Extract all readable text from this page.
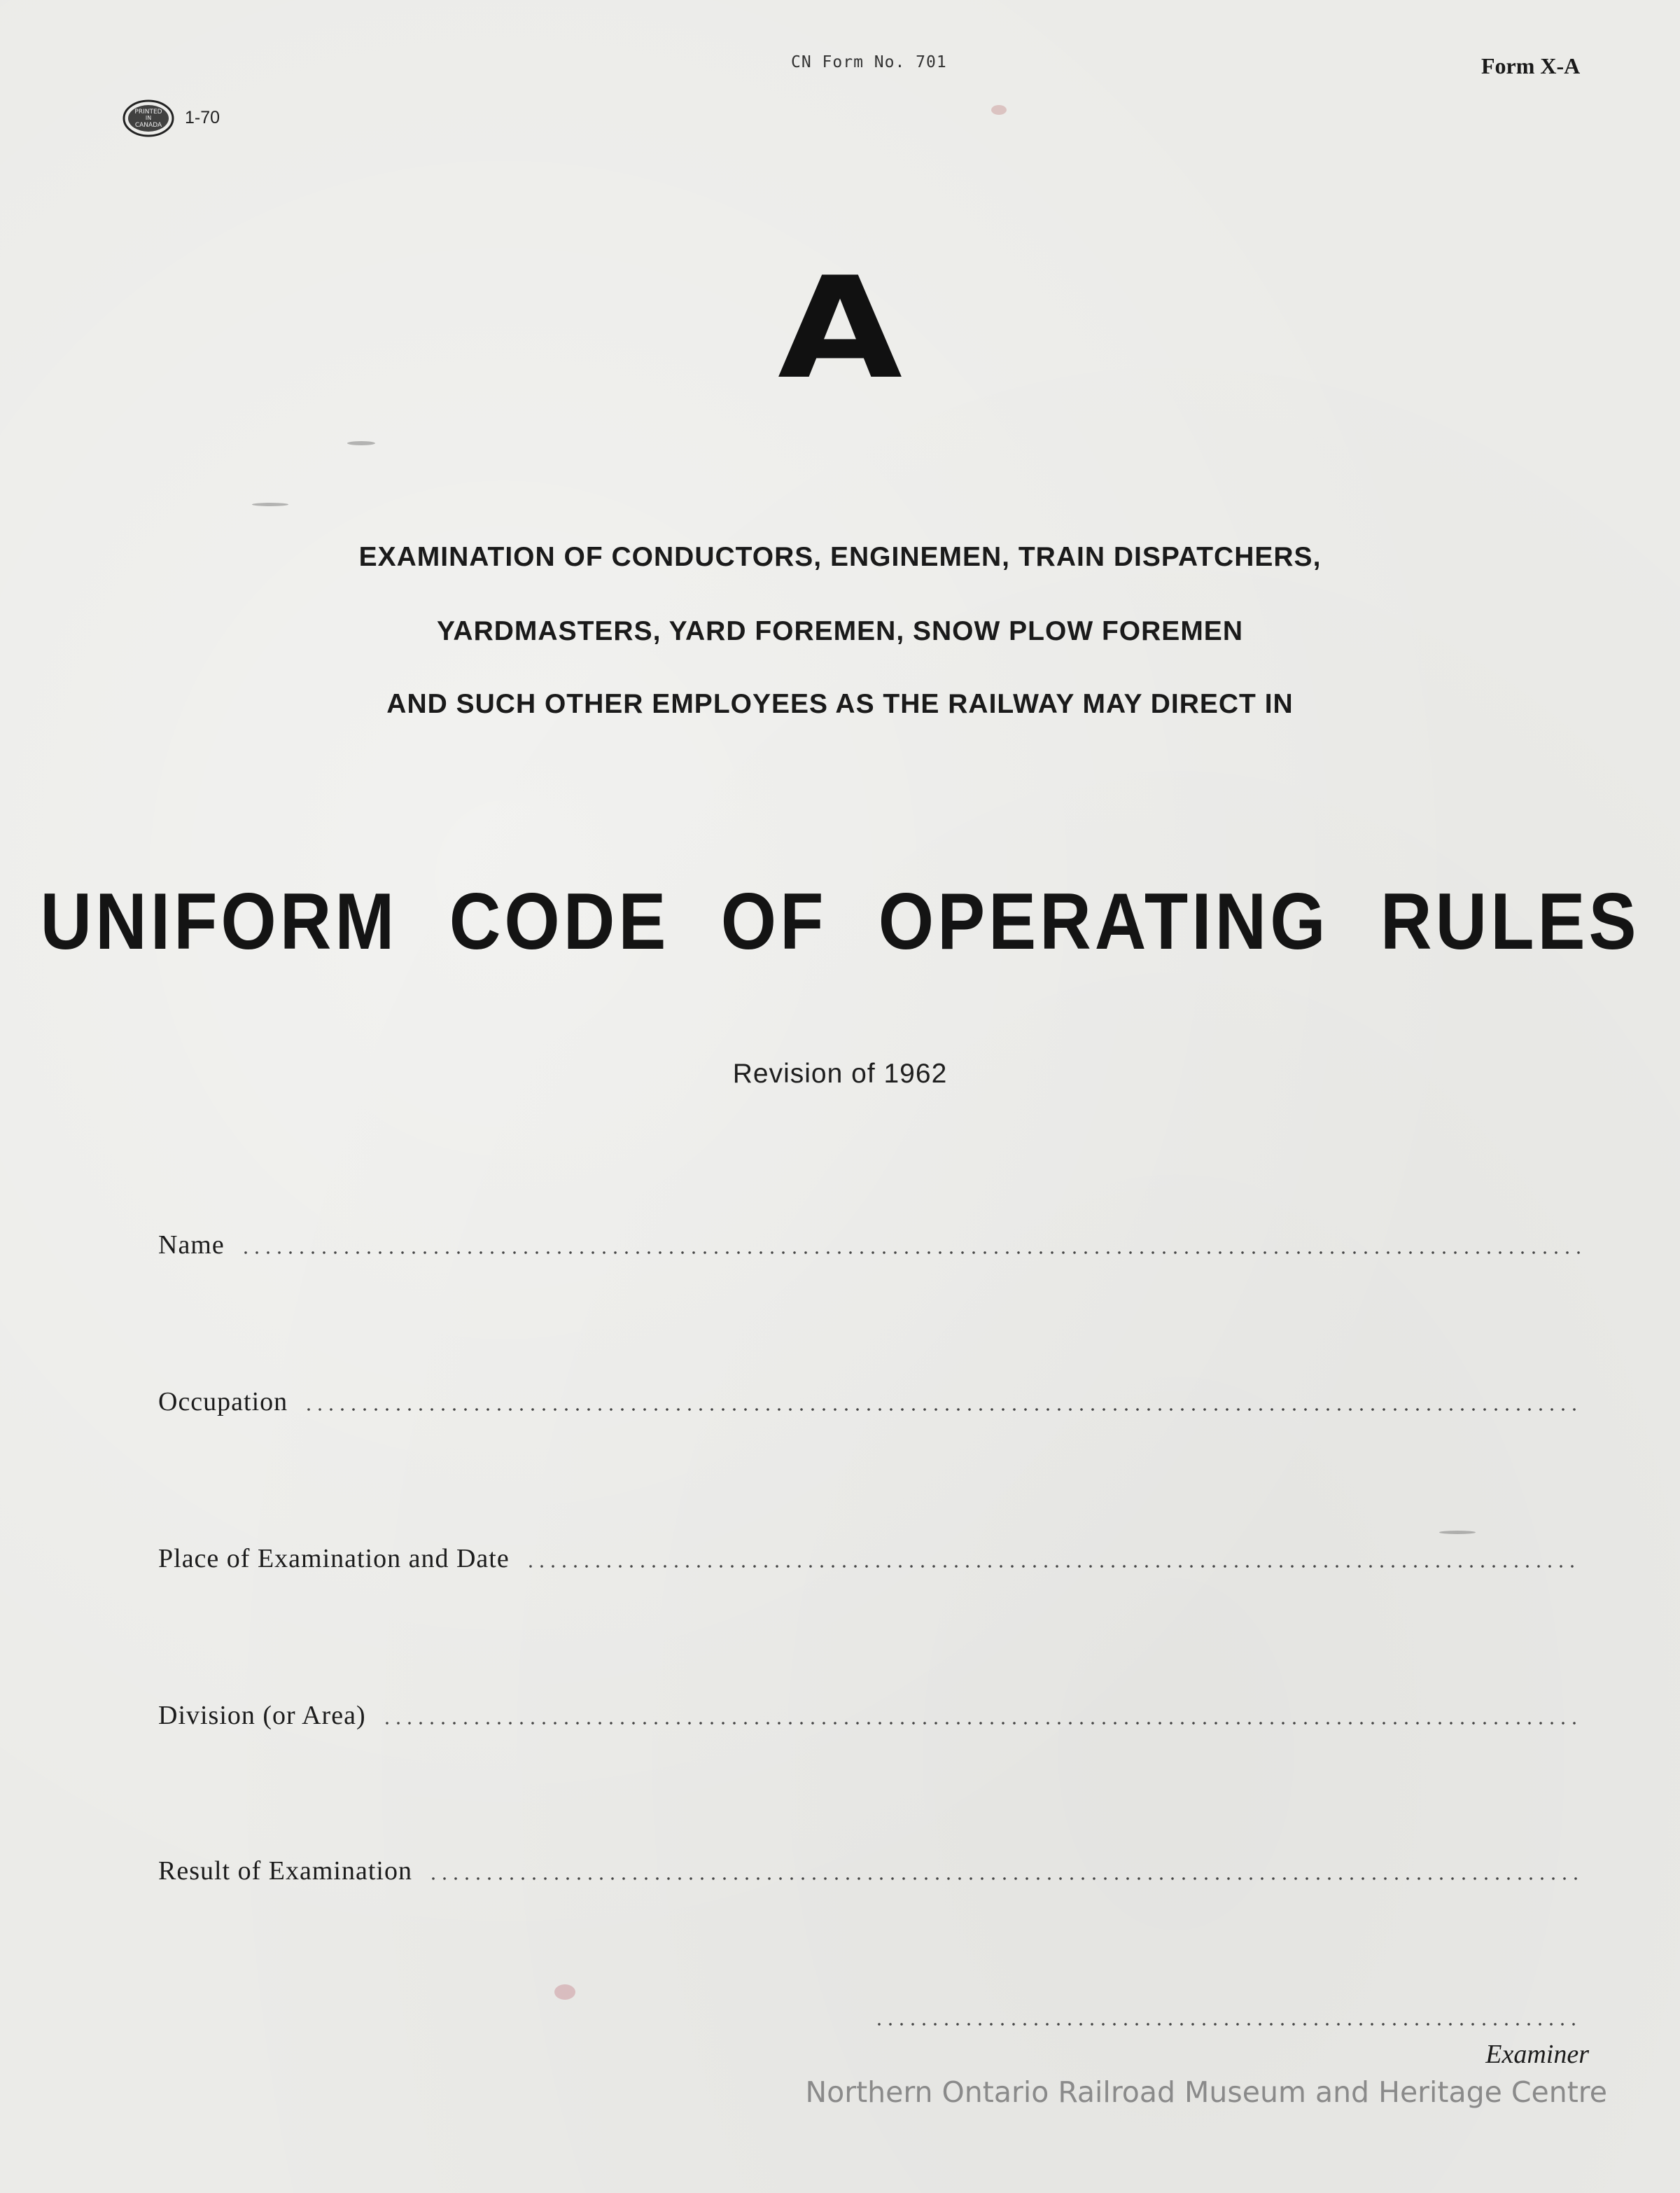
CN Form No. 701	Form X-A
PRINTED
IN
CANADA 1-70
A
EXAMINATION OF CONDUCTORS, ENGINEMEN, TRAIN DISPATCHERS,
YARDMASTERS, YARD FOREMEN, SNOW PLOW FOREMEN
AND SUCH OTHER EMPLOYEES AS THE RAILWAY MAY DIRECT IN
UNIFORM CODE OF OPERATING RULES
Revision of 1962
Name
Occupation
Place of Examination and Date
Division (or Area)
Result of Examination
Examiner
Northern Ontario Railroad Museum and Heritage Centre
